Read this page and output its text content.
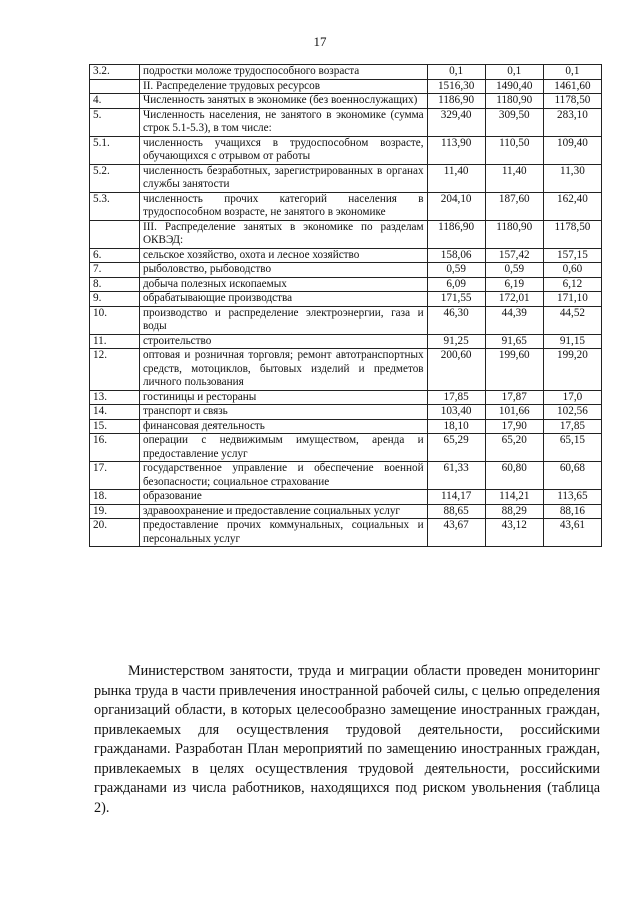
17
3.2.	подростки моложе трудоспособного возраста	0,1	0,1	0,1
	II. Распределение трудовых ресурсов	1516,30	1490,40	1461,60
4.	Численность занятых в экономике (без военнослужащих)	1186,90	1180,90	1178,50
5.	Численность населения, не занятого в экономике (сумма строк 5.1-5.3), в том числе:	329,40	309,50	283,10
5.1.	численность учащихся в трудоспособном возрасте, обучающихся с отрывом от работы	113,90	110,50	109,40
5.2.	численность безработных, зарегистрированных в органах службы занятости	11,40	11,40	11,30
5.3.	численность прочих категорий населения в трудоспособном возрасте, не занятого в экономике	204,10	187,60	162,40
	III. Распределение занятых в экономике по разделам ОКВЭД:	1186,90	1180,90	1178,50
6.	сельское хозяйство, охота и лесное хозяйство	158,06	157,42	157,15
7.	рыболовство, рыбоводство	0,59	0,59	0,60
8.	добыча полезных ископаемых	6,09	6,19	6,12
9.	обрабатывающие производства	171,55	172,01	171,10
10.	производство и распределение электроэнергии, газа и воды	46,30	44,39	44,52
11.	строительство	91,25	91,65	91,15
12.	оптовая и розничная торговля; ремонт автотранспортных средств, мотоциклов, бытовых изделий и предметов личного пользования	200,60	199,60	199,20
13.	гостиницы и рестораны	17,85	17,87	17,0
14.	транспорт и связь	103,40	101,66	102,56
15.	финансовая деятельность	18,10	17,90	17,85
16.	операции с недвижимым имуществом, аренда и предоставление услуг	65,29	65,20	65,15
17.	государственное управление и обеспечение военной безопасности; социальное страхование	61,33	60,80	60,68
18.	образование	114,17	114,21	113,65
19.	здравоохранение и предоставление социальных услуг	88,65	88,29	88,16
20.	предоставление прочих коммунальных, социальных и персональных услуг	43,67	43,12	43,61

Министерством занятости, труда и миграции области проведен мониторинг рынка труда в части привлечения иностранной рабочей силы, с целью определения организаций области, в которых целесообразно замещение иностранных граждан, привлекаемых для осуществления трудовой деятельности, российскими гражданами. Разработан План мероприятий по замещению иностранных граждан, привлекаемых в целях осуществления трудовой деятельности, российскими гражданами из числа работников, находящихся под риском увольнения (таблица 2).
